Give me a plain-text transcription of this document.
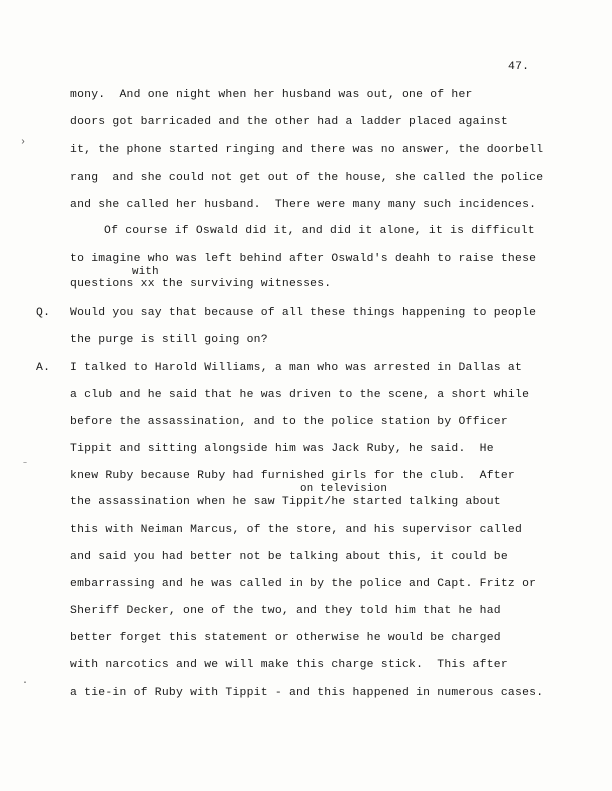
47.
mony.  And one night when her husband was out, one of her
doors got barricaded and the other had a ladder placed against
›
it, the phone started ringing and there was no answer, the doorbell
rang  and she could not get out of the house, she called the police
and she called her husband.  There were many many such incidences.
Of course if Oswald did it, and did it alone, it is difficult
to imagine who was left behind after Oswald's deahh to raise these
with
questions xx the surviving witnesses.
Q. Would you say that because of all these things happening to people
the purge is still going on?
A. I talked to Harold Williams, a man who was arrested in Dallas at
a club and he said that he was driven to the scene, a short while
before the assassination, and to the police station by Officer
Tippit and sitting alongside him was Jack Ruby, he said.  He
⁻
knew Ruby because Ruby had furnished girls for the club.  After
on television
the assassination when he saw Tippit/he started talking about
this with Neiman Marcus, of the store, and his supervisor called
and said you had better not be talking about this, it could be
embarrassing and he was called in by the police and Capt. Fritz or
Sheriff Decker, one of the two, and they told him that he had
better forget this statement or otherwise he would be charged
with narcotics and we will make this charge stick.  This after
·
a tie-in of Ruby with Tippit - and this happened in numerous cases.
